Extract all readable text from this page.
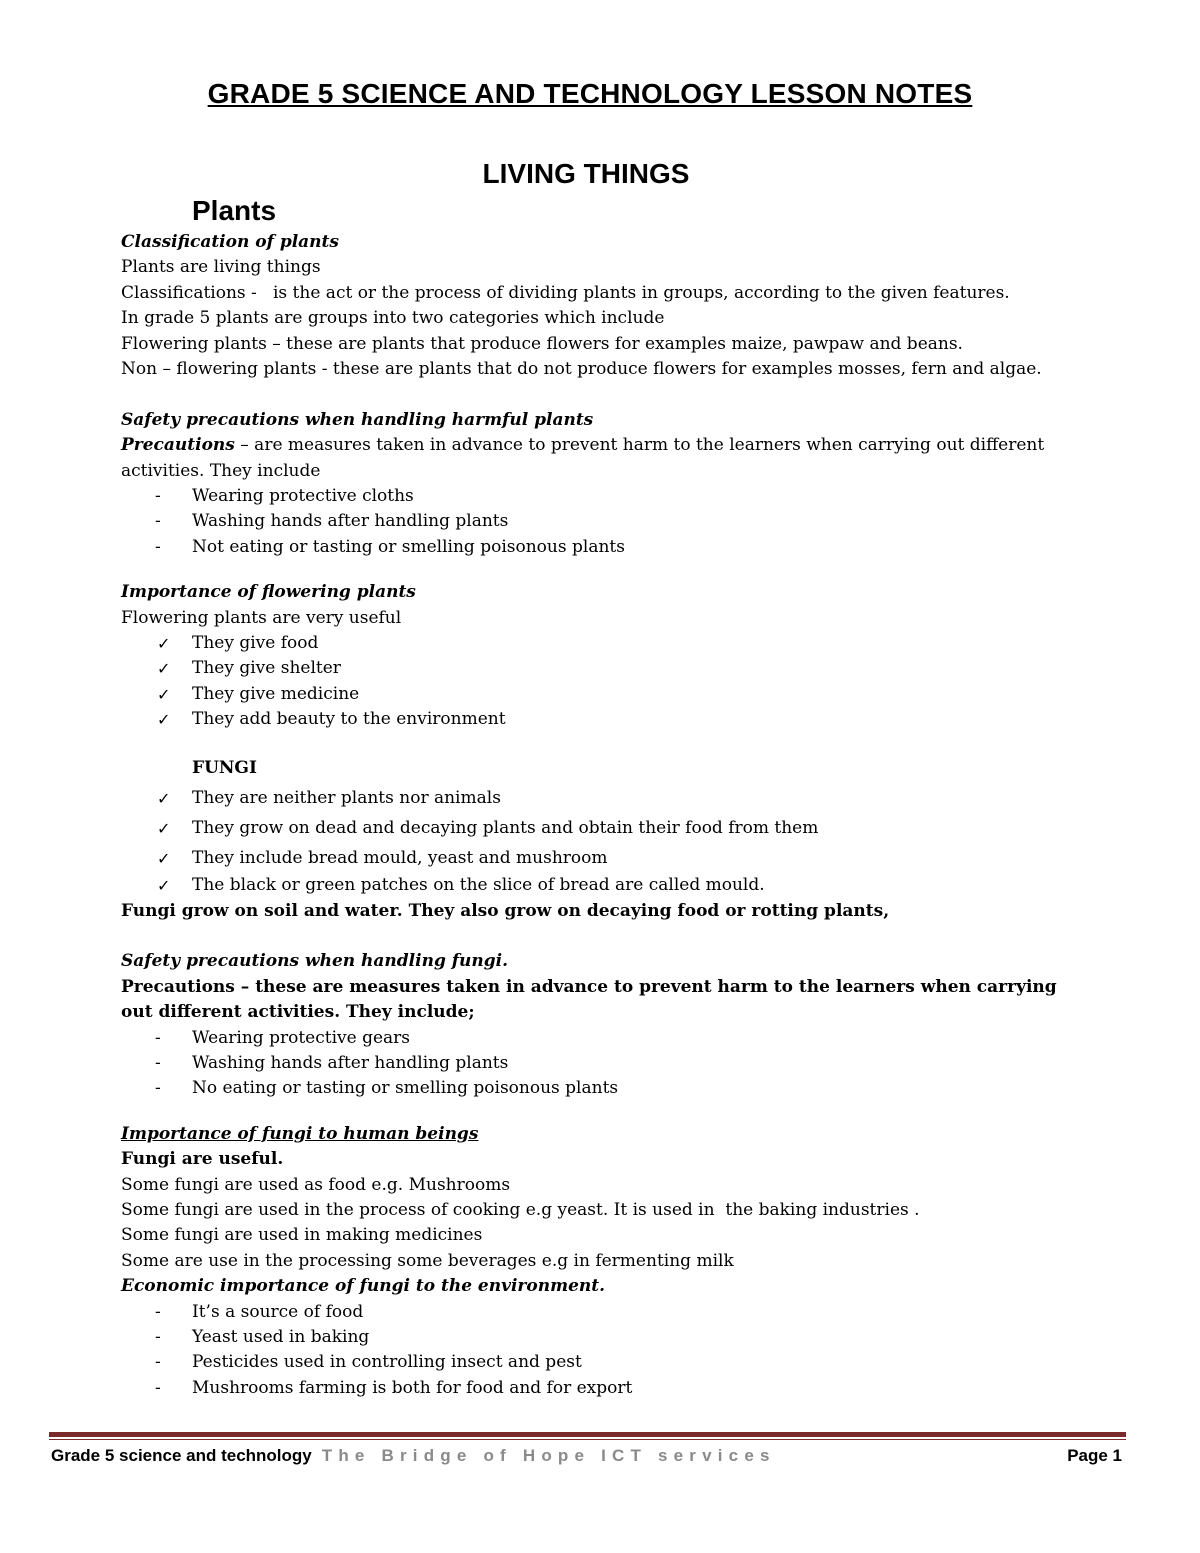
GRADE 5 SCIENCE AND TECHNOLOGY LESSON NOTES
LIVING THINGS
Plants
Classification of plants
Plants are living things
Classifications -   is the act or the process of dividing plants in groups, according to the given features.
In grade 5 plants are groups into two categories which include
Flowering plants – these are plants that produce flowers for examples maize, pawpaw and beans.
Non – flowering plants - these are plants that do not produce flowers for examples mosses, fern and algae.
Safety precautions when handling harmful plants
Precautions – are measures taken in advance to prevent harm to the learners when carrying out different activities. They include
- Wearing protective cloths
- Washing hands after handling plants
- Not eating or tasting or smelling poisonous plants
Importance of flowering plants
Flowering plants are very useful
✓ They give food
✓ They give shelter
✓ They give medicine
✓ They add beauty to the environment
FUNGI
✓ They are neither plants nor animals
✓ They grow on dead and decaying plants and obtain their food from them
✓ They include bread mould, yeast and mushroom
✓ The black or green patches on the slice of bread are called mould.
Fungi grow on soil and water. They also grow on decaying food or rotting plants,
Safety precautions when handling fungi.
Precautions – these are measures taken in advance to prevent harm to the learners when carrying out different activities. They include;
- Wearing protective gears
- Washing hands after handling plants
- No eating or tasting or smelling poisonous plants
Importance of fungi to human beings
Fungi are useful.
Some fungi are used as food e.g. Mushrooms
Some fungi are used in the process of cooking e.g yeast. It is used in  the baking industries .
Some fungi are used in making medicines
Some are use in the processing some beverages e.g in fermenting milk
Economic importance of fungi to the environment.
- It’s a source of food
- Yeast used in baking
- Pesticides used in controlling insect and pest
- Mushrooms farming is both for food and for export
Grade 5 science and technology The Bridge of Hope ICT services	Page 1
